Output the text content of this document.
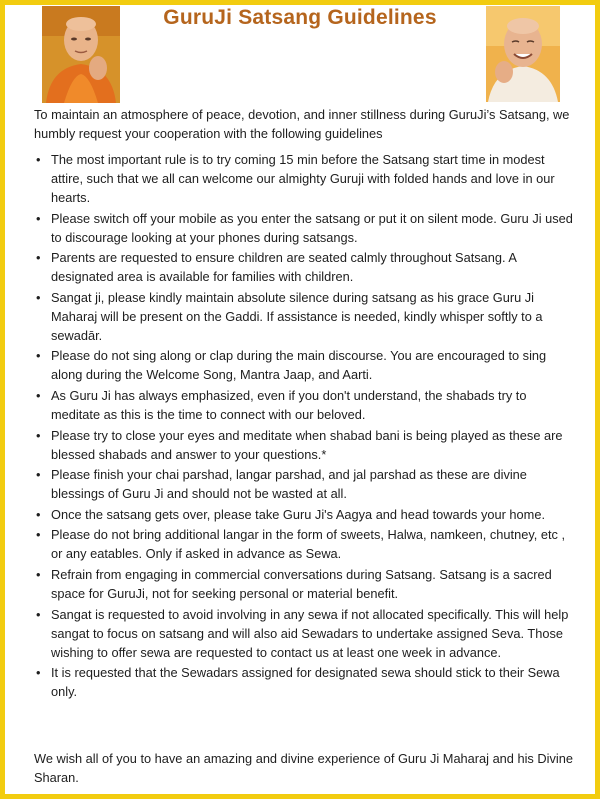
GuruJi Satsang Guidelines
To maintain an atmosphere of peace, devotion, and inner stillness during GuruJi’s Satsang, we humbly request your cooperation with the following guidelines
• The most important rule is to try coming 15 min before the Satsang start time in modest attire, such that we all can welcome our almighty Guruji with folded hands and love in our hearts.
• Please switch off your mobile as you enter the satsang or put it on silent mode. Guru Ji used to discourage looking at your phones during satsangs.
• Parents are requested to ensure children are seated calmly throughout Satsang. A designated area is available for families with children.
• Sangat ji, please kindly maintain absolute silence during satsang as his grace Guru Ji Maharaj will be present on the Gaddi. If assistance is needed, kindly whisper softly to a sewadār.
• Please do not sing along or clap during the main discourse. You are encouraged to sing along during the Welcome Song, Mantra Jaap, and Aarti.
• As Guru Ji has always emphasized, even if you don't understand, the shabads try to meditate as this is the time to connect with our beloved.
• Please try to close your eyes and meditate when shabad bani is being played as these are blessed shabads and answer to your questions.*
• Please finish your chai parshad, langar parshad, and jal parshad as these are divine blessings of Guru Ji and should not be wasted at all.
• Once the satsang gets over, please take Guru Ji's Aagya and head towards your home.
• Please do not bring additional langar in the form of sweets, Halwa, namkeen, chutney, etc , or any eatables. Only if asked in advance as Sewa.
• Refrain from engaging in commercial conversations during Satsang. Satsang is a sacred space for GuruJi, not for seeking personal or material benefit.
• Sangat is requested to avoid involving in any sewa if not allocated specifically. This will help sangat to focus on satsang and will also aid Sewadars to undertake assigned Seva. Those wishing to offer sewa are requested to contact us at least one week in advance.
• It is requested that the Sewadars assigned for designated sewa should stick to their Sewa only.
We wish all of you to have an amazing and divine experience of Guru Ji Maharaj and his Divine Sharan.
